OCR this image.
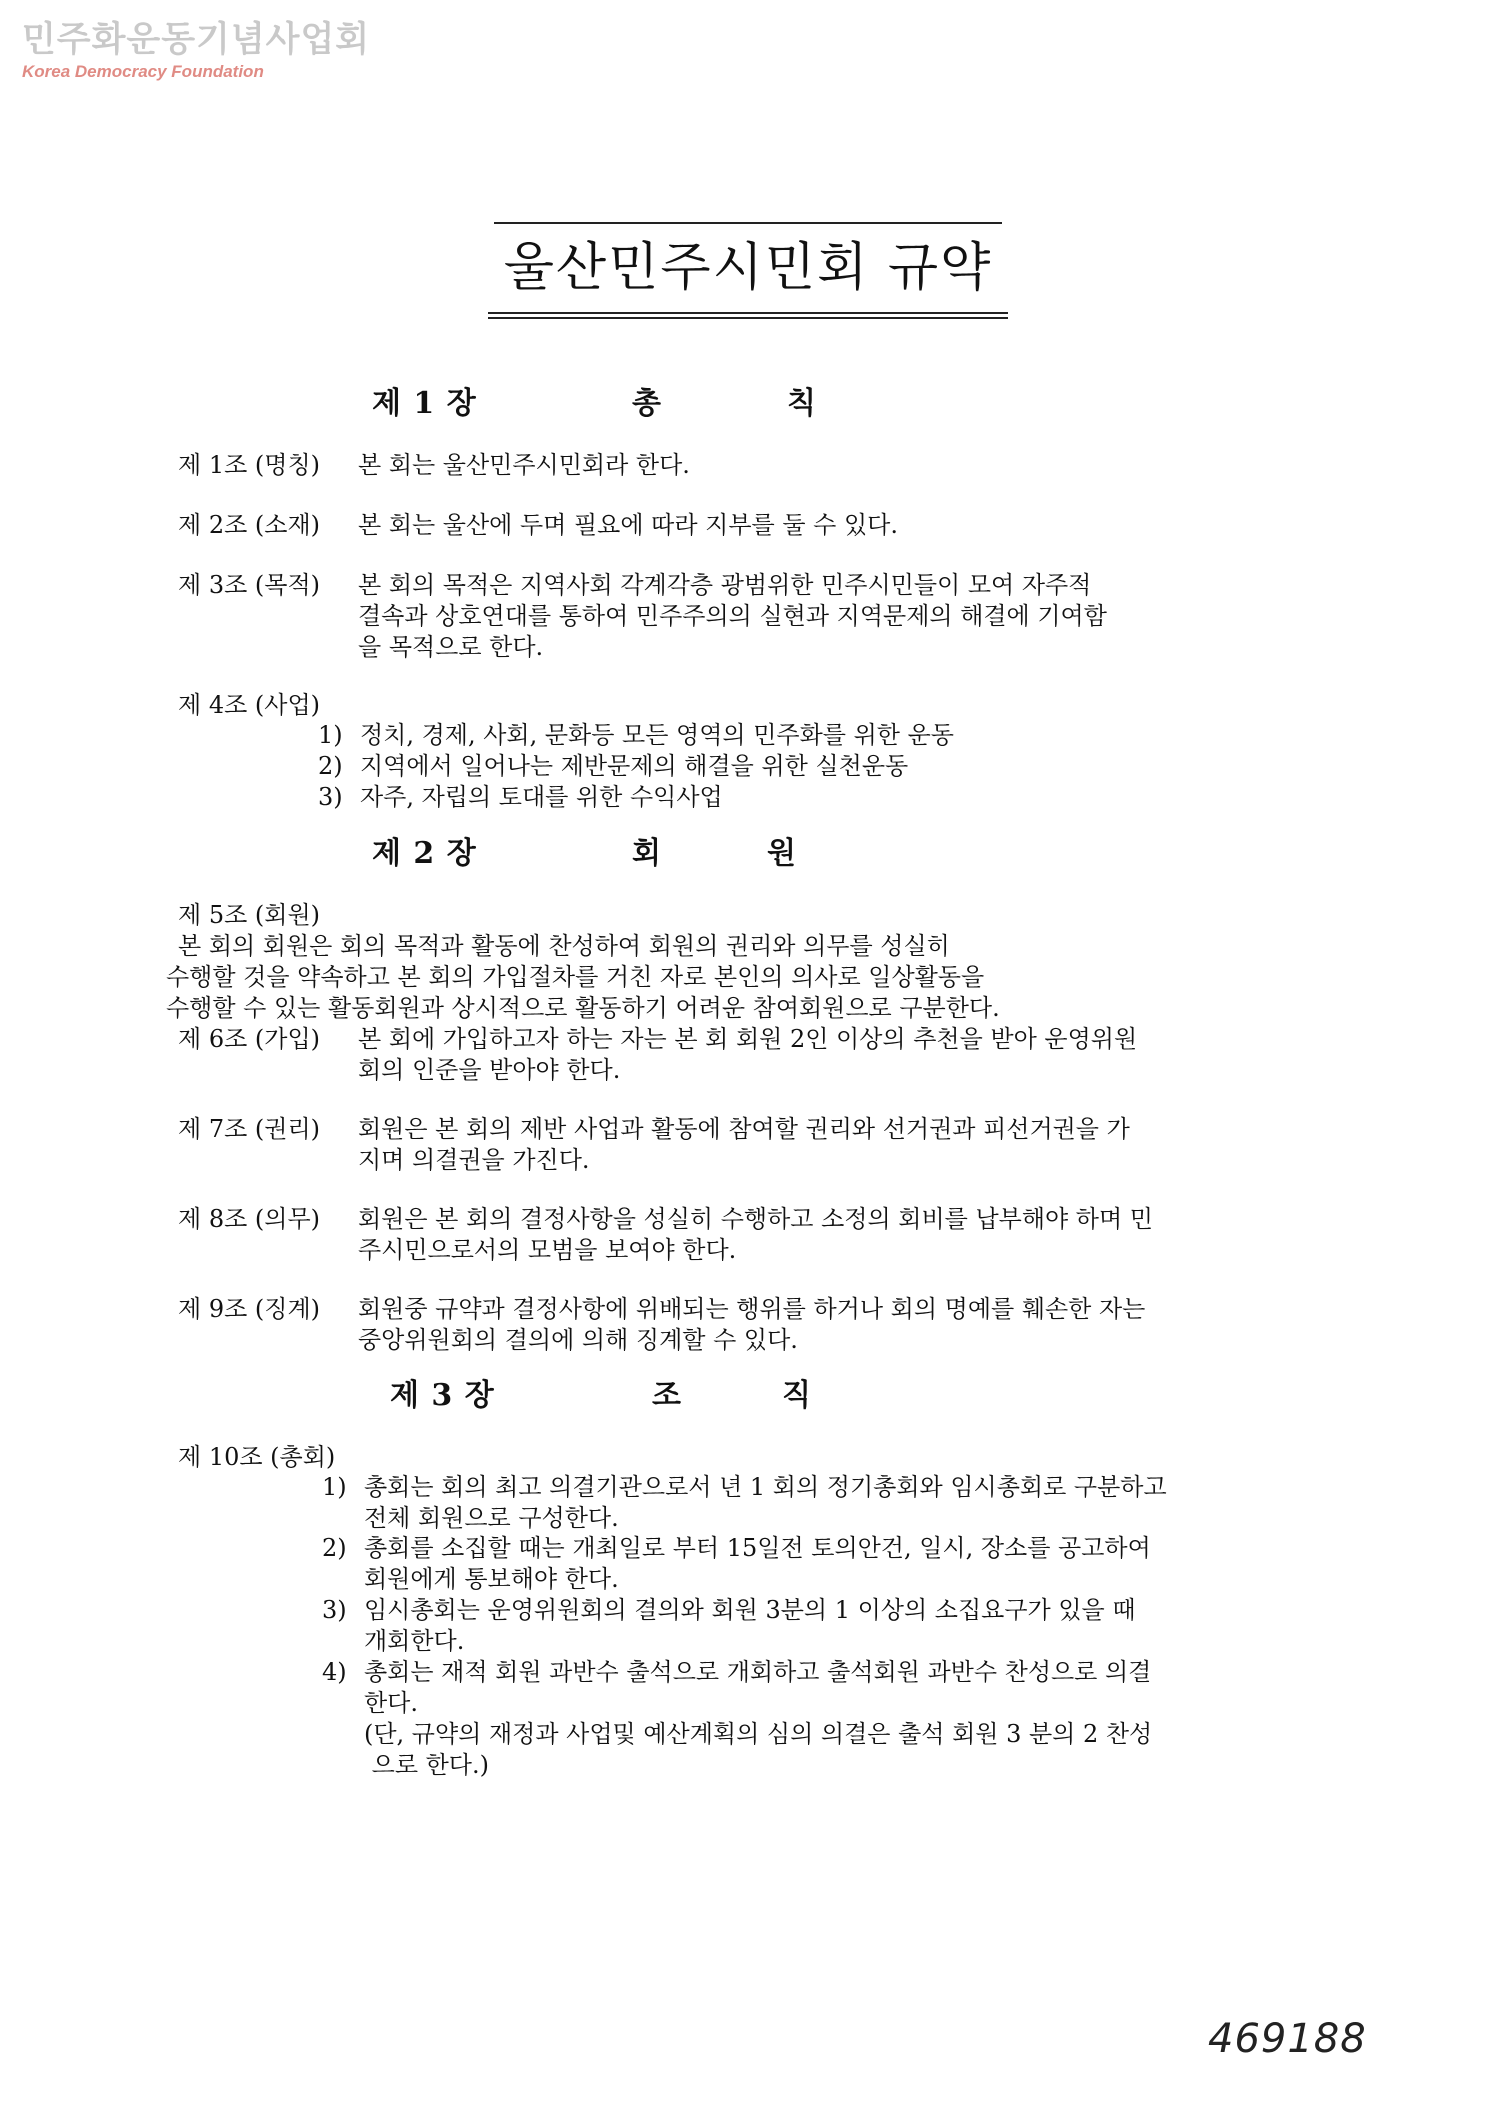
민주화운동기념사업회
Korea Democracy Foundation
울산민주시민회 규약
제 1 장	총	칙
제 1조 (명칭) 본 회는 울산민주시민회라 한다.

제 2조 (소재) 본 회는 울산에 두며 필요에 따라 지부를 둘 수 있다.

제 3조 (목적) 본 회의 목적은 지역사회 각계각층 광범위한 민주시민들이 모여 자주적

결속과 상호연대를 통하여 민주주의의 실현과 지역문제의 해결에 기여함

을 목적으로 한다.

제 4조 (사업)
1) 정치, 경제, 사회, 문화등 모든 영역의 민주화를 위한 운동
2) 지역에서 일어나는 제반문제의 해결을 위한 실천운동
3) 자주, 자립의 토대를 위한 수익사업
제 2 장	회	원
제 5조 (회원)

본 회의 회원은 회의 목적과 활동에 찬성하여 회원의 권리와 의무를 성실히

수행할 것을 약속하고 본 회의 가입절차를 거친 자로 본인의 의사로 일상활동을

수행할 수 있는 활동회원과 상시적으로 활동하기 어려운 참여회원으로 구분한다.

제 6조 (가입) 본 회에 가입하고자 하는 자는 본 회 회원 2인 이상의 추천을 받아 운영위원

회의 인준을 받아야 한다.

제 7조 (권리) 회원은 본 회의 제반 사업과 활동에 참여할 권리와 선거권과 피선거권을 가

지며 의결권을 가진다.

제 8조 (의무) 회원은 본 회의 결정사항을 성실히 수행하고 소정의 회비를 납부해야 하며 민

주시민으로서의 모범을 보여야 한다.

제 9조 (징계) 회원중 규약과 결정사항에 위배되는 행위를 하거나 회의 명예를 훼손한 자는

중앙위원회의 결의에 의해 징계할 수 있다.

제 3 장	조	직
제 10조 (총회)
1) 총회는 회의 최고 의결기관으로서 년 1 회의 정기총회와 임시총회로 구분하고

전체 회원으로 구성한다.

2) 총회를 소집할 때는 개최일로 부터 15일전 토의안건, 일시, 장소를 공고하여

회원에게 통보해야 한다.

3) 임시총회는 운영위원회의 결의와 회원 3분의 1 이상의 소집요구가 있을 때

개회한다.

4) 총회는 재적 회원 과반수 출석으로 개회하고 출석회원 과반수 찬성으로 의결

한다.

(단, 규약의 재정과 사업및 예산계획의 심의 의결은 출석 회원 3 분의 2 찬성

으로 한다.)

469188
